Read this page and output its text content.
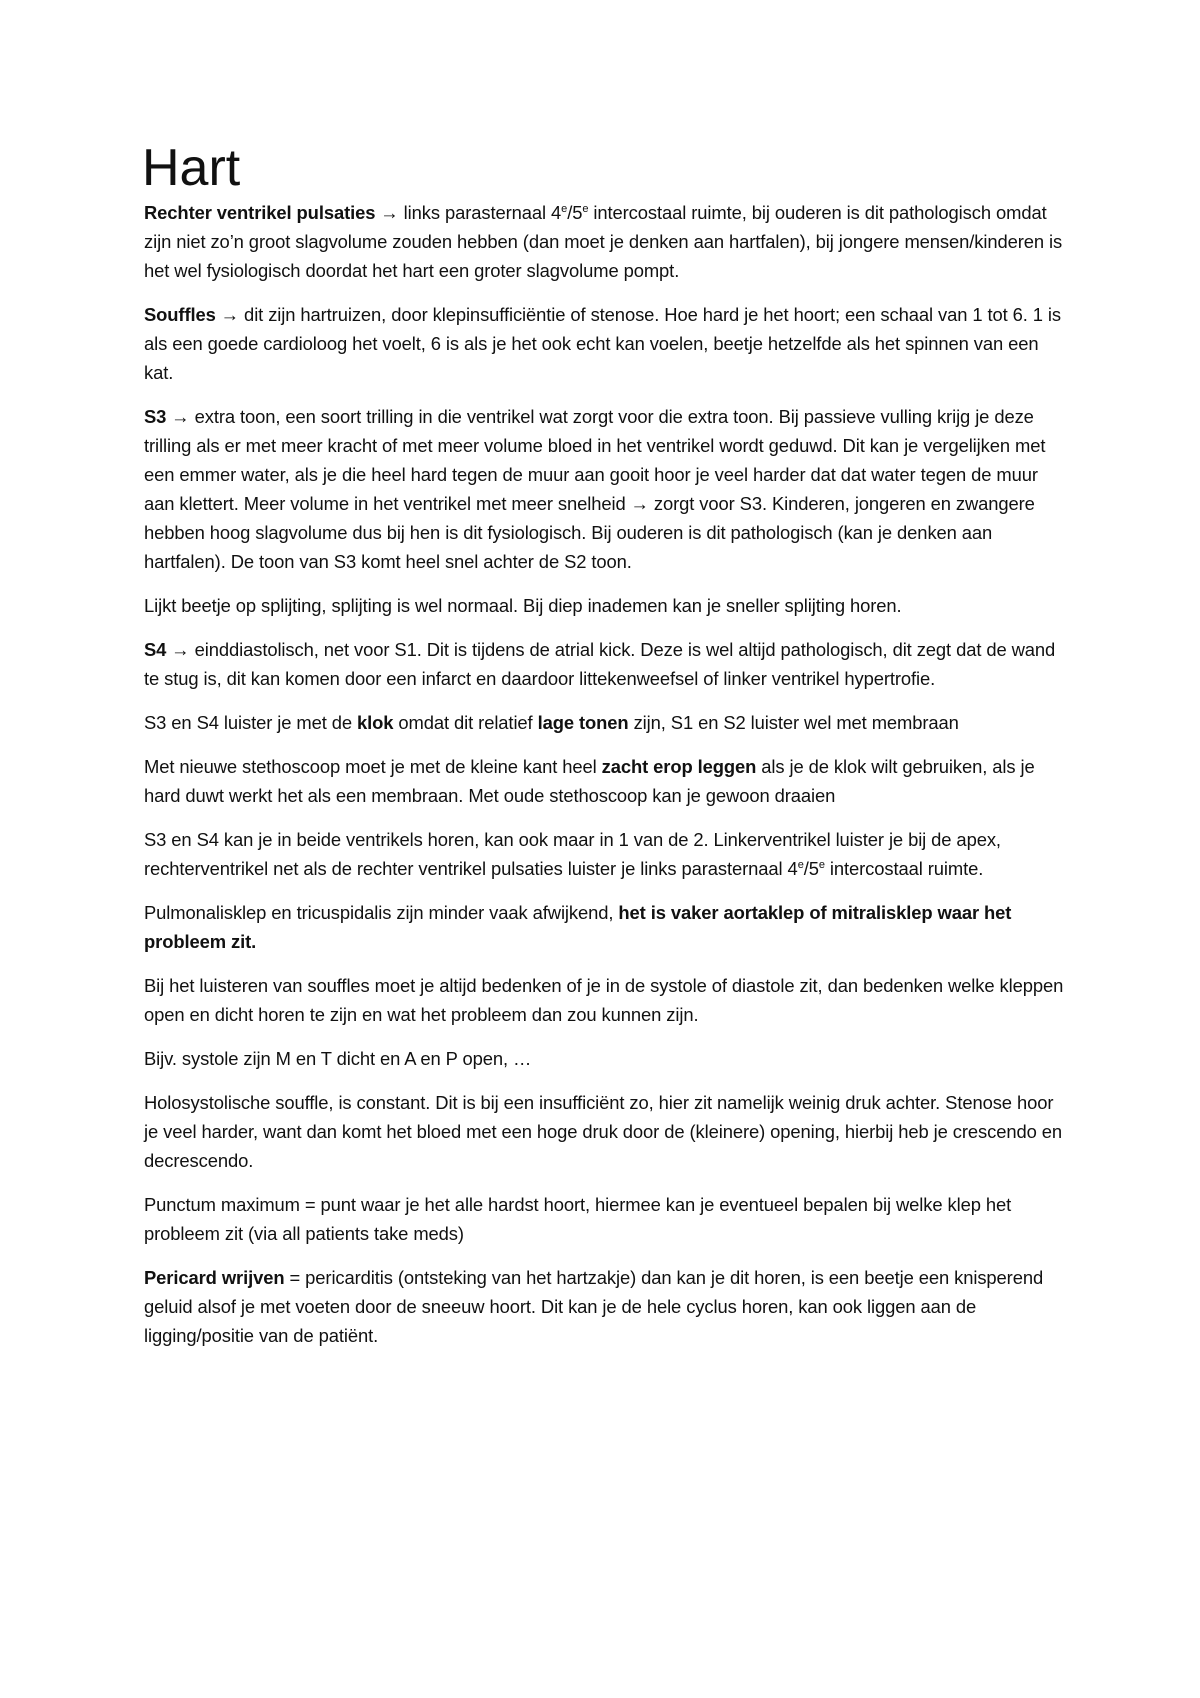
Hart

Rechter ventrikel pulsaties → links parasternaal 4e/5e intercostaal ruimte, bij ouderen is dit pathologisch omdat zijn niet zo’n groot slagvolume zouden hebben (dan moet je denken aan hartfalen), bij jongere mensen/kinderen is het wel fysiologisch doordat het hart een groter slagvolume pompt.

Souffles → dit zijn hartruizen, door klepinsufficiëntie of stenose. Hoe hard je het hoort; een schaal van 1 tot 6. 1 is als een goede cardioloog het voelt, 6 is als je het ook echt kan voelen, beetje hetzelfde als het spinnen van een kat.

S3 → extra toon, een soort trilling in die ventrikel wat zorgt voor die extra toon. Bij passieve vulling krijg je deze trilling als er met meer kracht of met meer volume bloed in het ventrikel wordt geduwd. Dit kan je vergelijken met een emmer water, als je die heel hard tegen de muur aan gooit hoor je veel harder dat dat water tegen de muur aan klettert. Meer volume in het ventrikel met meer snelheid → zorgt voor S3. Kinderen, jongeren en zwangere hebben hoog slagvolume dus bij hen is dit fysiologisch. Bij ouderen is dit pathologisch (kan je denken aan hartfalen). De toon van S3 komt heel snel achter de S2 toon.

Lijkt beetje op splijting, splijting is wel normaal. Bij diep inademen kan je sneller splijting horen.

S4 → einddiastolisch, net voor S1. Dit is tijdens de atrial kick. Deze is wel altijd pathologisch, dit zegt dat de wand te stug is, dit kan komen door een infarct en daardoor littekenweefsel of linker ventrikel hypertrofie.

S3 en S4 luister je met de klok omdat dit relatief lage tonen zijn, S1 en S2 luister wel met membraan

Met nieuwe stethoscoop moet je met de kleine kant heel zacht erop leggen als je de klok wilt gebruiken, als je hard duwt werkt het als een membraan. Met oude stethoscoop kan je gewoon draaien

S3 en S4 kan je in beide ventrikels horen, kan ook maar in 1 van de 2. Linkerventrikel luister je bij de apex, rechterventrikel net als de rechter ventrikel pulsaties luister je links parasternaal 4e/5e intercostaal ruimte.

Pulmonalisklep en tricuspidalis zijn minder vaak afwijkend, het is vaker aortaklep of mitralisklep waar het probleem zit.

Bij het luisteren van souffles moet je altijd bedenken of je in de systole of diastole zit, dan bedenken welke kleppen open en dicht horen te zijn en wat het probleem dan zou kunnen zijn.

Bijv. systole zijn M en T dicht en A en P open, …

Holosystolische souffle, is constant. Dit is bij een insufficiënt zo, hier zit namelijk weinig druk achter. Stenose hoor je veel harder, want dan komt het bloed met een hoge druk door de (kleinere) opening, hierbij heb je crescendo en decrescendo.

Punctum maximum = punt waar je het alle hardst hoort, hiermee kan je eventueel bepalen bij welke klep het probleem zit (via all patients take meds)

Pericard wrijven = pericarditis (ontsteking van het hartzakje) dan kan je dit horen, is een beetje een knisperend geluid alsof je met voeten door de sneeuw hoort. Dit kan je de hele cyclus horen, kan ook liggen aan de ligging/positie van de patiënt.
